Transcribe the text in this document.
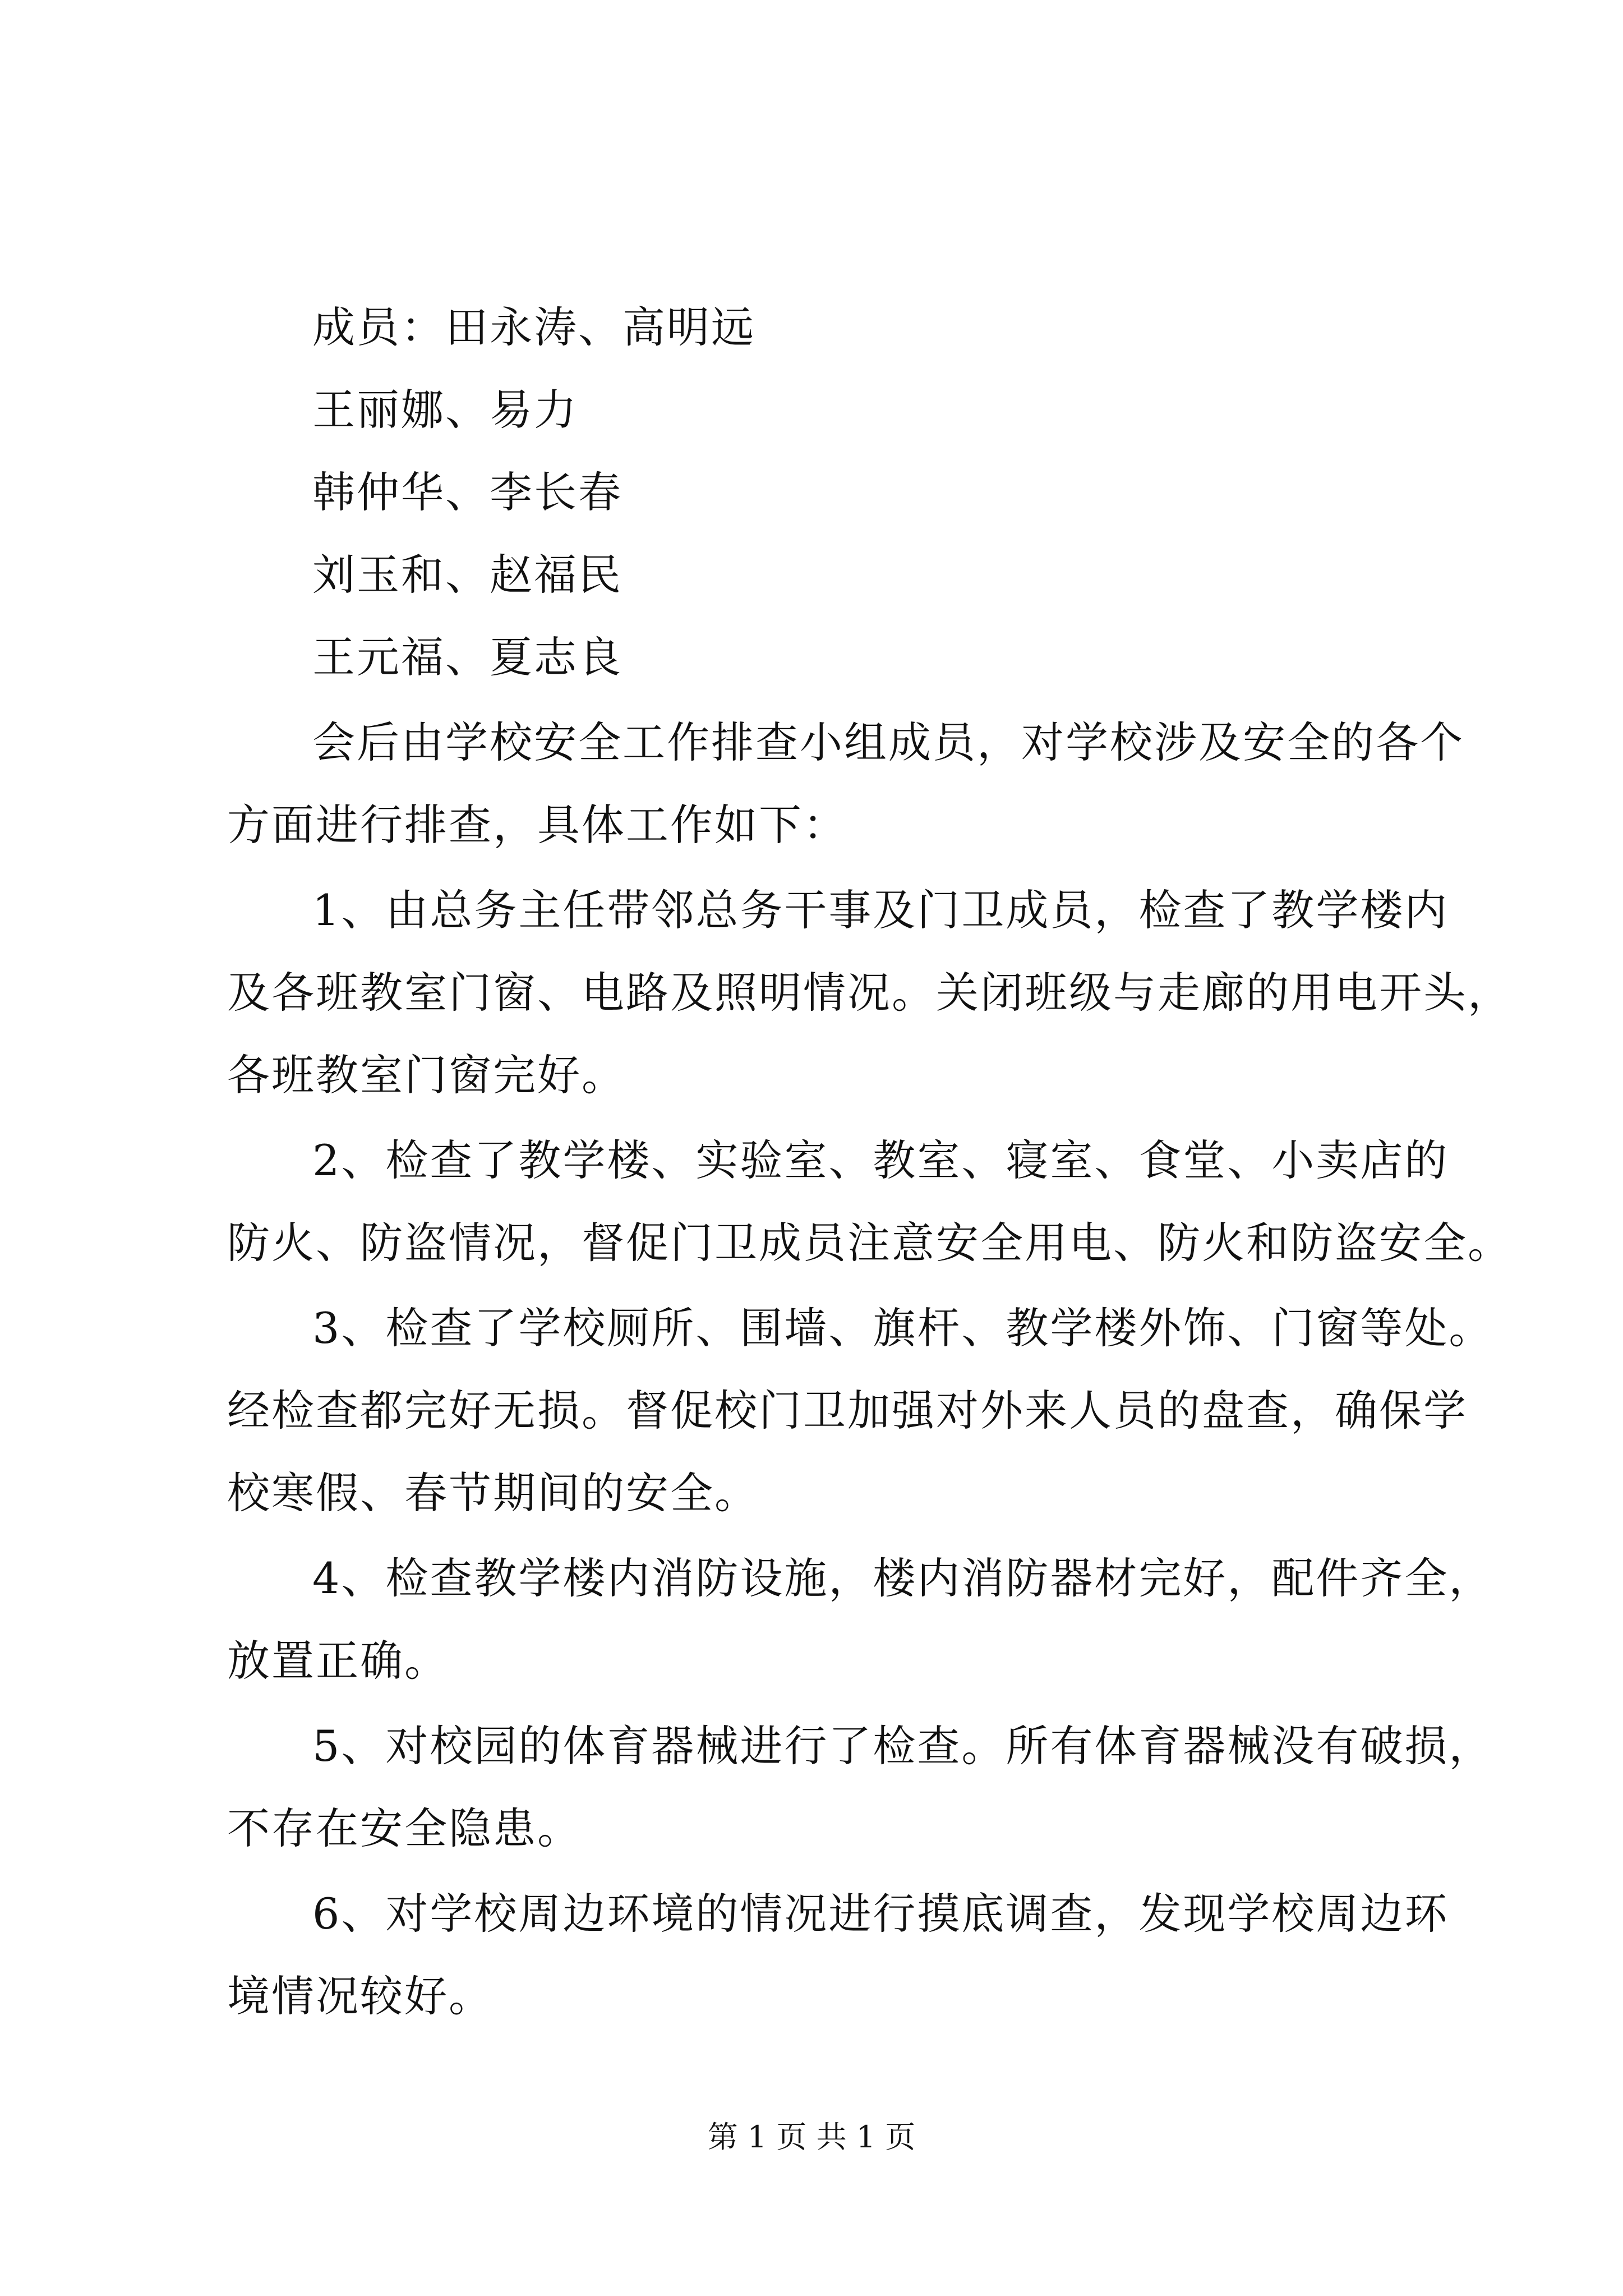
成员：田永涛、高明远
王丽娜、易力
韩仲华、李长春
刘玉和、赵福民
王元福、夏志良
会后由学校安全工作排查小组成员，对学校涉及安全的各个
方面进行排查，具体工作如下：
1、由总务主任带邻总务干事及门卫成员，检查了教学楼内
及各班教室门窗、电路及照明情况。关闭班级与走廊的用电开头，
各班教室门窗完好。
2、检查了教学楼、实验室、教室、寝室、食堂、小卖店的
防火、防盗情况，督促门卫成员注意安全用电、防火和防盗安全。
3、检查了学校厕所、围墙、旗杆、教学楼外饰、门窗等处。
经检查都完好无损。督促校门卫加强对外来人员的盘查，确保学
校寒假、春节期间的安全。
4、检查教学楼内消防设施，楼内消防器材完好，配件齐全，
放置正确。
5、对校园的体育器械进行了检查。所有体育器械没有破损，
不存在安全隐患。
6、对学校周边环境的情况进行摸底调查，发现学校周边环
境情况较好。
第 1 页 共 1 页
